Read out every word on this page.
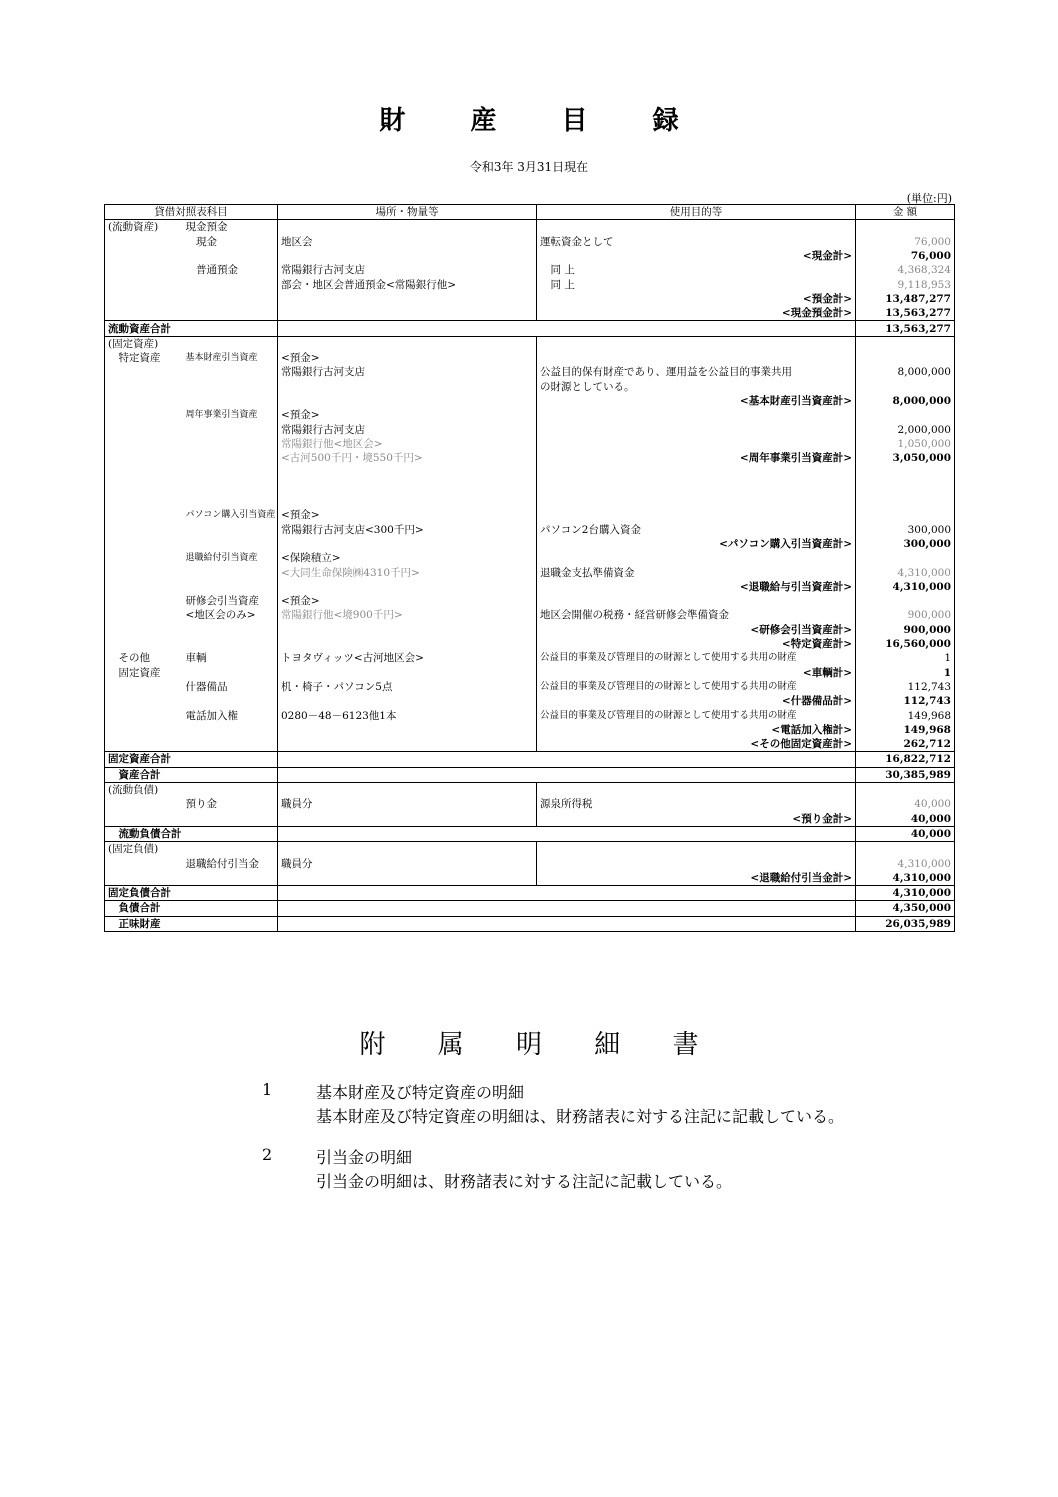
財 産 目 録
令和3年 3月31日現在
(単位:円)
貸借対照表科目		場所・物量等	使用目的等	金 額
(流動資産)	現金預金			
	　現金	地区会	運転資金として	76,000
			<現金計>	76,000
	　普通預金	常陽銀行古河支店	　同 上	4,368,324
		部会・地区会普通預金<常陽銀行他>	　同 上	9,118,953
			<預金計>	13,487,277
			<現金預金計>	13,563,277
流動資産合計				13,563,277
(固定資産)				
　特定資産	基本財産引当資産	<預金>		
		常陽銀行古河支店	公益目的保有財産であり、運用益を公益目的事業共用	8,000,000
			の財源としている。	
			<基本財産引当資産計>	8,000,000
	周年事業引当資産	<預金>		
		常陽銀行古河支店		2,000,000
		常陽銀行他<地区会>		1,050,000
		<古河500千円・境550千円>	<周年事業引当資産計>	3,050,000

	パソコン購入引当資産	<預金>		
		常陽銀行古河支店<300千円>	パソコン2台購入資金	300,000
			<パソコン購入引当資産計>	300,000
	退職給付引当資産	<保険積立>		
		<大同生命保険㈱4310千円>	退職金支払準備資金	4,310,000
			<退職給与引当資産計>	4,310,000
	研修会引当資産	<預金>		
	<地区会のみ>	常陽銀行他<境900千円>	地区会開催の税務・経営研修会準備資金	900,000
			<研修会引当資産計>	900,000
			<特定資産計>	16,560,000
　その他	車輌	トヨタヴィッツ<古河地区会>	公益目的事業及び管理目的の財源として使用する共用の財産	1
　固定資産			<車輌計>	1
	什器備品	机・椅子・パソコン5点	公益目的事業及び管理目的の財源として使用する共用の財産	112,743
			<什器備品計>	112,743
	電話加入権	0280－48－6123他1本	公益目的事業及び管理目的の財源として使用する共用の財産	149,968
			<電話加入権計>	149,968
			<その他固定資産計>	262,712
固定資産合計				16,822,712
　資産合計				30,385,989
(流動負債)				
	預り金	職員分	源泉所得税	40,000
			<預り金計>	40,000
　流動負債合計				40,000
(固定負債)				
	退職給付引当金	職員分		4,310,000
			<退職給付引当金計>	4,310,000
固定負債合計				4,310,000
　負債合計				4,350,000
　正味財産				26,035,989
附 属 明 細 書
1	基本財産及び特定資産の明細
基本財産及び特定資産の明細は、財務諸表に対する注記に記載している。
2	引当金の明細
引当金の明細は、財務諸表に対する注記に記載している。
